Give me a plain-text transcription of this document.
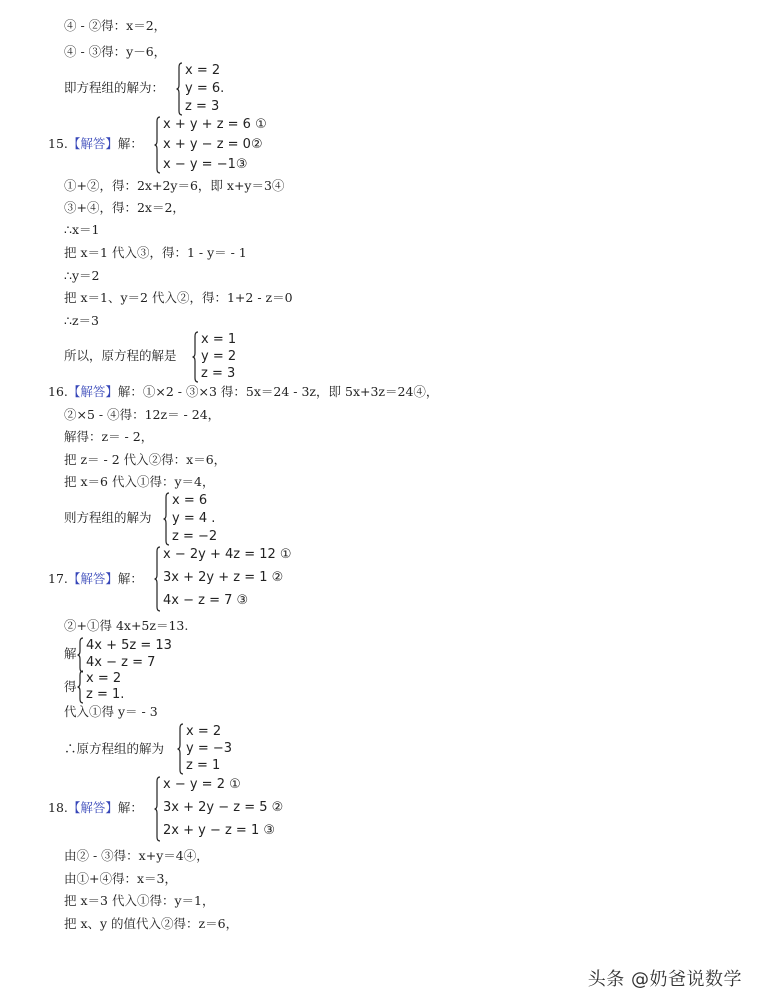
④ - ②得：x＝2，
④ - ③得：y－6，
即方程组的解为：
x = 2
y = 6.
z = 3
15.【解答】解：
x + y + z = 6 ①
x + y − z = 0②
x − y = −1③
①+②，得：2x+2y＝6，即 x+y＝3④
③+④，得：2x＝2，
∴x＝1
把 x＝1 代入③，得：1 - y＝ - 1
∴y＝2
把 x＝1、y＝2 代入②，得：1+2 - z＝0
∴z＝3
所以，原方程的解是
x = 1
y = 2
z = 3
16.【解答】解：①×2 - ③×3 得：5x＝24 - 3z，即 5x+3z＝24④，
②×5 - ④得：12z＝ - 24，
解得：z＝ - 2，
把 z＝ - 2 代入②得：x＝6，
把 x＝6 代入①得：y＝4，
则方程组的解为
x = 6
y = 4 .
z = −2
17.【解答】解：
x − 2y + 4z = 12 ①
3x + 2y + z = 1 ②
4x − z = 7 ③
②+①得 4x+5z＝13.
解
4x + 5z = 13
4x − z = 7
得
x = 2
z = 1.
代入①得 y＝ - 3
∴原方程组的解为
x = 2
y = −3
z = 1
18.【解答】解：
x − y = 2 ①
3x + 2y − z = 5 ②
2x + y − z = 1 ③
由② - ③得：x+y＝4④，
由①+④得：x＝3，
把 x＝3 代入①得：y＝1，
把 x、y 的值代入②得：z＝6，
头条 @奶爸说数学
